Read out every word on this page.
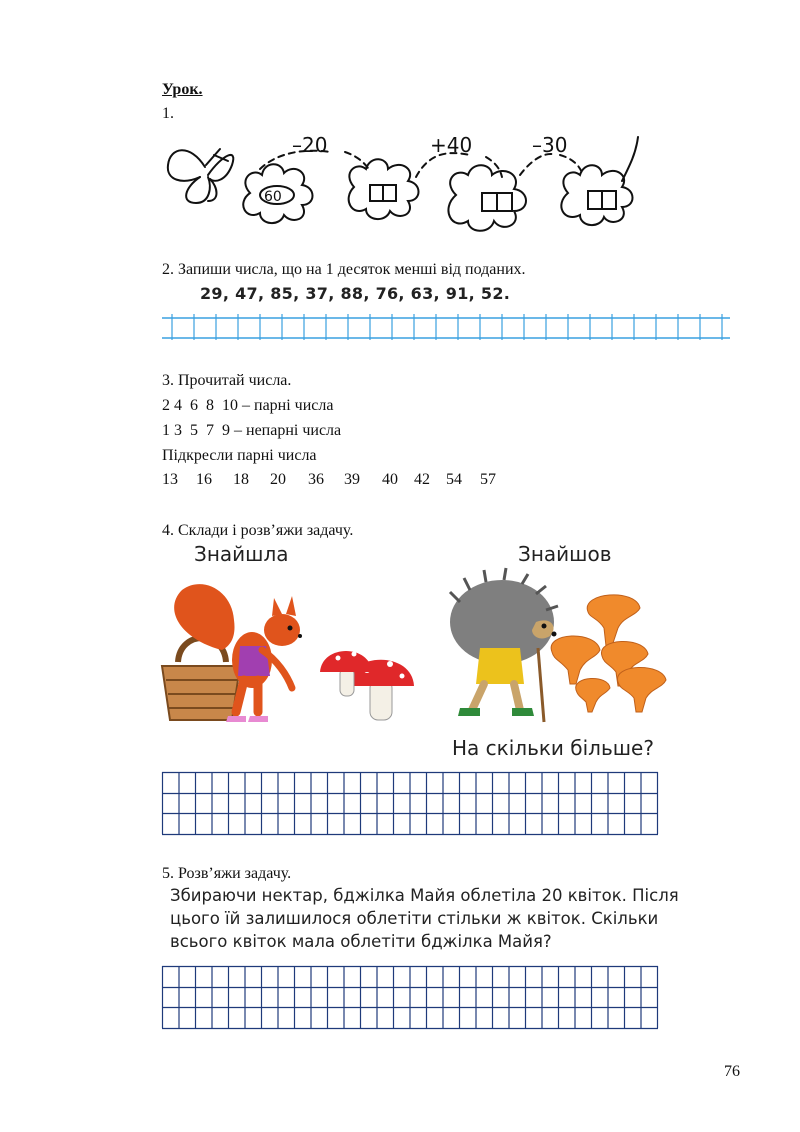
Урок.
1.
–20	+40	–30
60
2. Запиши числа, що на 1 десяток менші від поданих.
29, 47, 85, 37, 88, 76, 63, 91, 52.
3. Прочитай числа.
2 4  6  8  10 – парні числа
1 3  5  7  9 – непарні числа
Підкресли парні числа
13 16 18 20 36 39 40 42 54 57
4. Склади і розв’яжи задачу.
Знайшла	Знайшов
На скільки більше?
5. Розв’яжи задачу.
Збираючи нектар, бджілка Майя облетіла 20 квіток. Після цього їй залишилося облетіти стільки ж квіток. Скільки всього квіток мала облетіти бджілка Майя?
76
